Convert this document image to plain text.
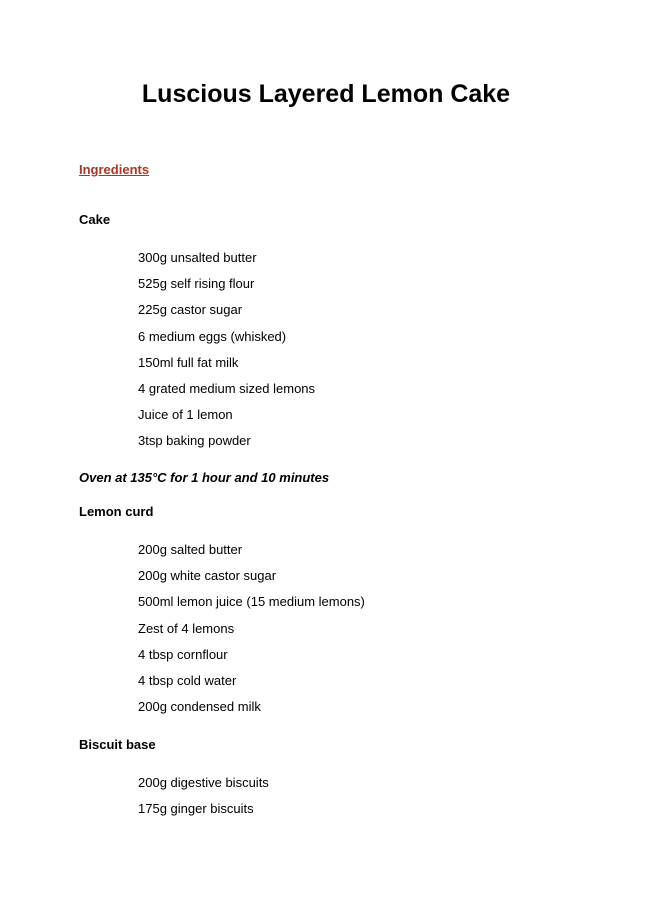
Luscious Layered Lemon Cake
Ingredients
Cake
300g unsalted butter
525g self rising flour
225g castor sugar
6 medium eggs (whisked)
150ml full fat milk
4 grated medium sized lemons
Juice of 1 lemon
3tsp baking powder
Oven at 135°C for 1 hour and 10 minutes
Lemon curd
200g salted butter
200g white castor sugar
500ml lemon juice (15 medium lemons)
Zest of 4 lemons
4 tbsp cornflour
4 tbsp cold water
200g condensed milk
Biscuit base
200g digestive biscuits
175g ginger biscuits
